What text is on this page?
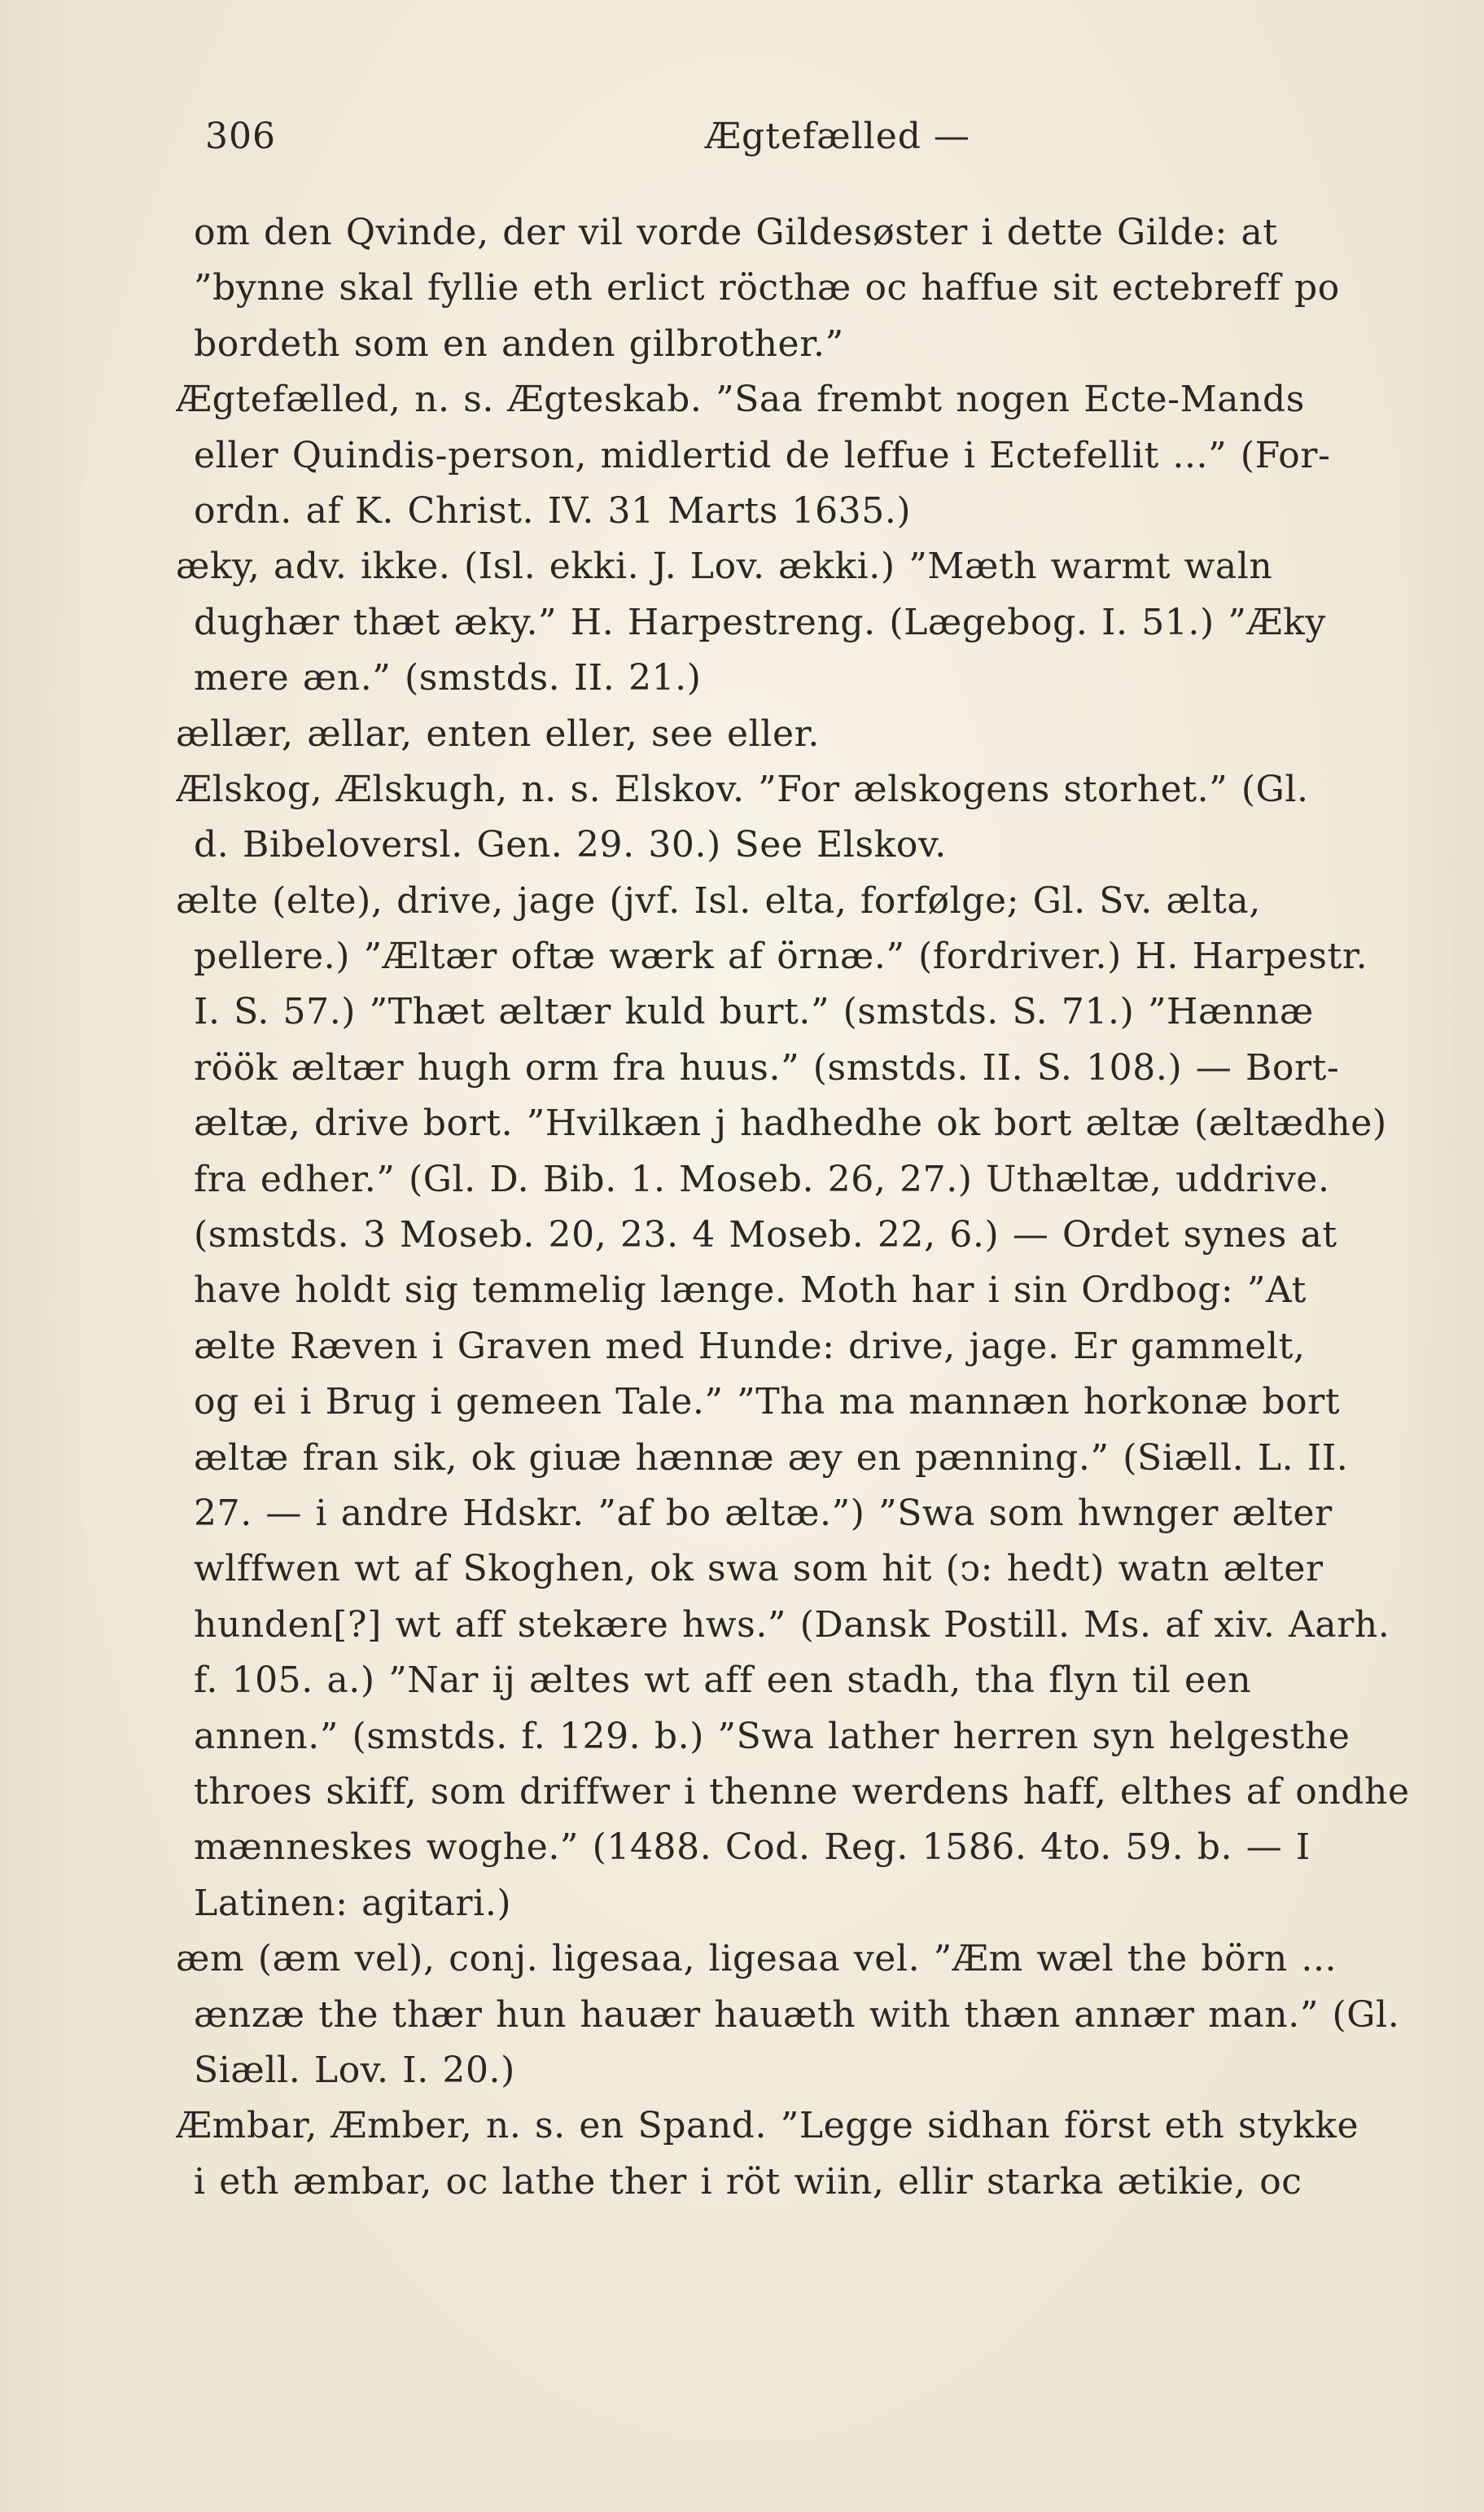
306	Ægtefælled —
om den Qvinde, der vil vorde Gildesøster i dette Gilde: at
”bynne skal fyllie eth erlict röcthæ oc haffue sit ectebreff po
bordeth som en anden gilbrother.”
Ægtefælled, n. s. Ægteskab. ”Saa frembt nogen Ecte-Mands
eller Quindis-person, midlertid de leffue i Ectefellit ...” (For-
ordn. af K. Christ. IV. 31 Marts 1635.)
æky, adv. ikke. (Isl. ekki. J. Lov. ækki.) ”Mæth warmt waln
dughær thæt æky.” H. Harpestreng. (Lægebog. I. 51.) ”Æky
mere æn.” (smstds. II. 21.)
ællær, ællar, enten eller, see eller.
Ælskog, Ælskugh, n. s. Elskov. ”For ælskogens storhet.” (Gl.
d. Bibeloversl. Gen. 29. 30.) See Elskov.
ælte (elte), drive, jage (jvf. Isl. elta, forfølge; Gl. Sv. ælta,
pellere.) ”Æltær oftæ wærk af örnæ.” (fordriver.) H. Harpestr.
I. S. 57.) ”Thæt æltær kuld burt.” (smstds. S. 71.) ”Hænnæ
röök æltær hugh orm fra huus.” (smstds. II. S. 108.) — Bort-
æltæ, drive bort. ”Hvilkæn j hadhedhe ok bort æltæ (æltædhe)
fra edher.” (Gl. D. Bib. 1. Moseb. 26, 27.) Uthæltæ, uddrive.
(smstds. 3 Moseb. 20, 23. 4 Moseb. 22, 6.) — Ordet synes at
have holdt sig temmelig længe. Moth har i sin Ordbog: ”At
ælte Ræven i Graven med Hunde: drive, jage. Er gammelt,
og ei i Brug i gemeen Tale.” ”Tha ma mannæn horkonæ bort
æltæ fran sik, ok giuæ hænnæ æy en pænning.” (Siæll. L. II.
27. — i andre Hdskr. ”af bo æltæ.”) ”Swa som hwnger ælter
wlffwen wt af Skoghen, ok swa som hit (ↄ: hedt) watn ælter
hunden[?] wt aff stekære hws.” (Dansk Postill. Ms. af xiv. Aarh.
f. 105. a.) ”Nar ij æltes wt aff een stadh, tha flyn til een
annen.” (smstds. f. 129. b.) ”Swa lather herren syn helgesthe
throes skiff, som driffwer i thenne werdens haff, elthes af ondhe
mænneskes woghe.” (1488. Cod. Reg. 1586. 4to. 59. b. — I
Latinen: agitari.)
æm (æm vel), conj. ligesaa, ligesaa vel. ”Æm wæl the börn ...
ænzæ the thær hun hauær hauæth with thæn annær man.” (Gl.
Siæll. Lov. I. 20.)
Æmbar, Æmber, n. s. en Spand. ”Legge sidhan först eth stykke
i eth æmbar, oc lathe ther i röt wiin, ellir starka ætikie, oc
